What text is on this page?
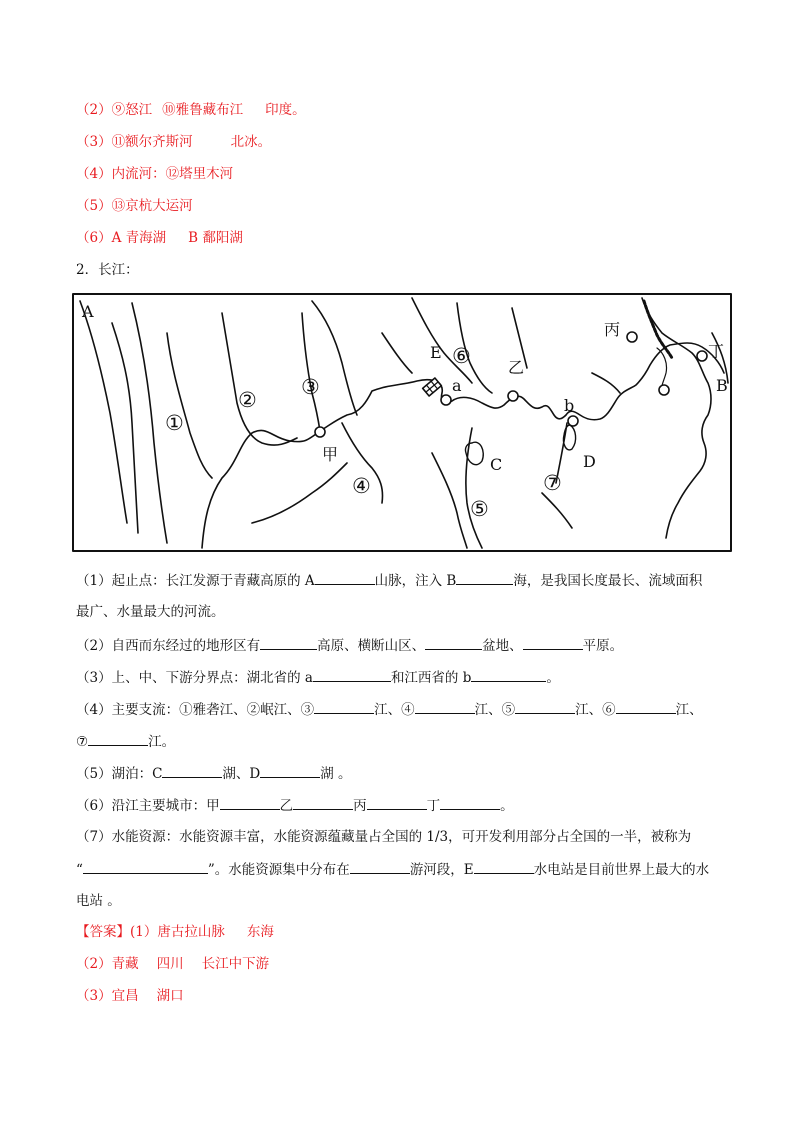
（2）⑨怒江 ⑩雅鲁藏布江 印度。
（3）⑪额尔齐斯河	北冰。
（4）内流河：⑫塔里木河
（5）⑬京杭大运河
（6）A 青海湖 B 鄱阳湖
2．长江：
A
B
C	D
E
a
b
甲
乙
丙
丁
①
②
③
④
⑤
⑥
⑦
（1）起止点：长江发源于青藏高原的 A	山脉，注入 B	海，是我国长度最长、流域面积
最广、水量最大的河流。
（2）自西而东经过的地形区有	高原、横断山区、	盆地、	平原。
（3）上、中、下游分界点：湖北省的 a	和江西省的 b	。
（4）主要支流：①雅砻江、②岷江、③	江、④	江、⑤	江、⑥	江、
⑦	江。
（5）湖泊：C	湖、D	湖 。
（6）沿江主要城市：甲	乙	丙	丁	。
（7）水能资源：水能资源丰富，水能资源蕴藏量占全国的 1/3，可开发利用部分占全国的一半，被称为
“	”。水能资源集中分布在	游河段，E	水电站是目前世界上最大的水
电站 。
【答案】(1）唐古拉山脉 东海
（2）青藏 四川 长江中下游
（3）宜昌 湖口
